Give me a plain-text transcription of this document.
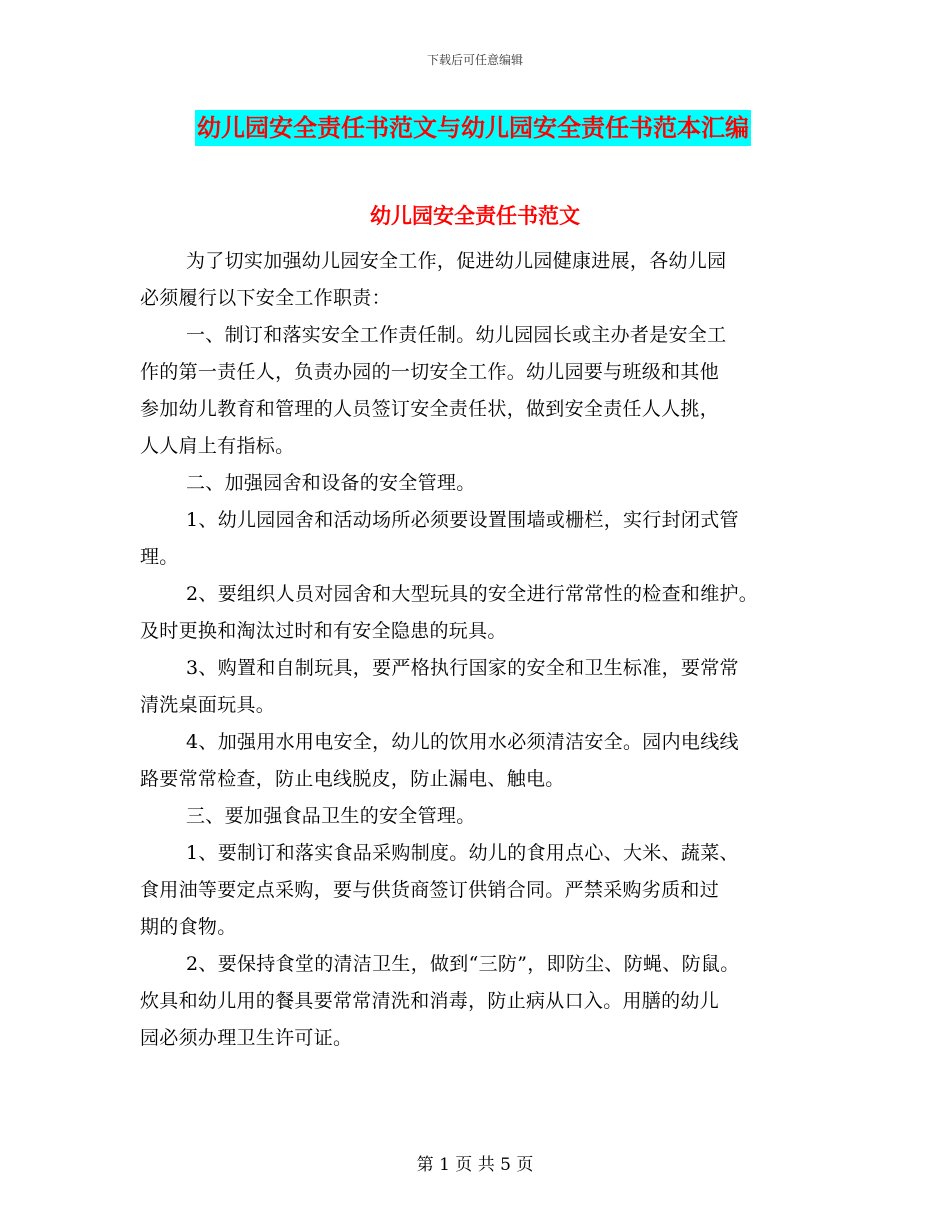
下载后可任意编辑
幼儿园安全责任书范文与幼儿园安全责任书范本汇编
幼儿园安全责任书范文
为了切实加强幼儿园安全工作，促进幼儿园健康进展，各幼儿园
必须履行以下安全工作职责：
一、制订和落实安全工作责任制。幼儿园园长或主办者是安全工
作的第一责任人，负责办园的一切安全工作。幼儿园要与班级和其他
参加幼儿教育和管理的人员签订安全责任状，做到安全责任人人挑，
人人肩上有指标。
二、加强园舍和设备的安全管理。
1、幼儿园园舍和活动场所必须要设置围墙或栅栏，实行封闭式管
理。
2、要组织人员对园舍和大型玩具的安全进行常常性的检查和维护。
及时更换和淘汰过时和有安全隐患的玩具。
3、购置和自制玩具，要严格执行国家的安全和卫生标准，要常常
清洗桌面玩具。
4、加强用水用电安全，幼儿的饮用水必须清洁安全。园内电线线
路要常常检查，防止电线脱皮，防止漏电、触电。
三、要加强食品卫生的安全管理。
1、要制订和落实食品采购制度。幼儿的食用点心、大米、蔬菜、
食用油等要定点采购，要与供货商签订供销合同。严禁采购劣质和过
期的食物。
2、要保持食堂的清洁卫生，做到“三防”，即防尘、防蝇、防鼠。
炊具和幼儿用的餐具要常常清洗和消毒，防止病从口入。用膳的幼儿
园必须办理卫生许可证。
第 1 页 共 5 页
